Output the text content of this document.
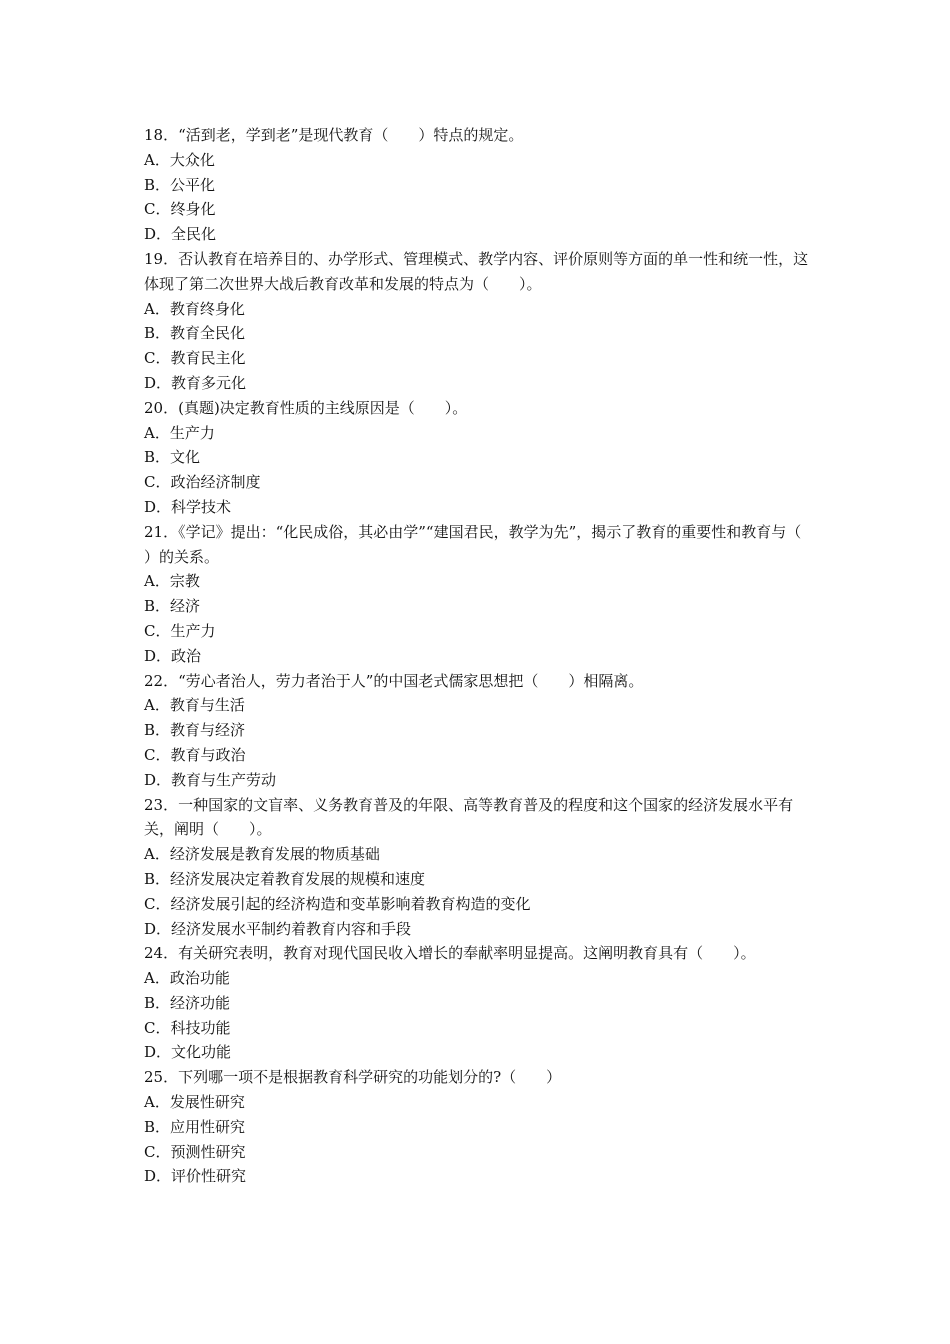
18．“活到老，学到老”是现代教育（　　）特点的规定。

A．大众化

B．公平化

C．终身化

D．全民化

19．否认教育在培养目的、办学形式、管理模式、教学内容、评价原则等方面的单一性和统一性，这体现了第二次世界大战后教育改革和发展的特点为（　　）。

A．教育终身化

B．教育全民化

C．教育民主化

D．教育多元化

20．(真题)决定教育性质的主线原因是（　　）。

A．生产力

B．文化

C．政治经济制度

D．科学技术

21．《学记》提出：“化民成俗，其必由学”“建国君民，教学为先”，揭示了教育的重要性和教育与（　　）的关系。

A．宗教

B．经济

C．生产力

D．政治

22．“劳心者治人，劳力者治于人”的中国老式儒家思想把（　　）相隔离。

A．教育与生活

B．教育与经济

C．教育与政治

D．教育与生产劳动

23．一种国家的文盲率、义务教育普及的年限、高等教育普及的程度和这个国家的经济发展水平有关，阐明（　　）。

A．经济发展是教育发展的物质基础

B．经济发展决定着教育发展的规模和速度

C．经济发展引起的经济构造和变革影响着教育构造的变化

D．经济发展水平制约着教育内容和手段

24．有关研究表明，教育对现代国民收入增长的奉献率明显提高。这阐明教育具有（　　）。

A．政治功能

B．经济功能

C．科技功能

D．文化功能

25．下列哪一项不是根据教育科学研究的功能划分的?（　　）

A．发展性研究

B．应用性研究

C．预测性研究

D．评价性研究
